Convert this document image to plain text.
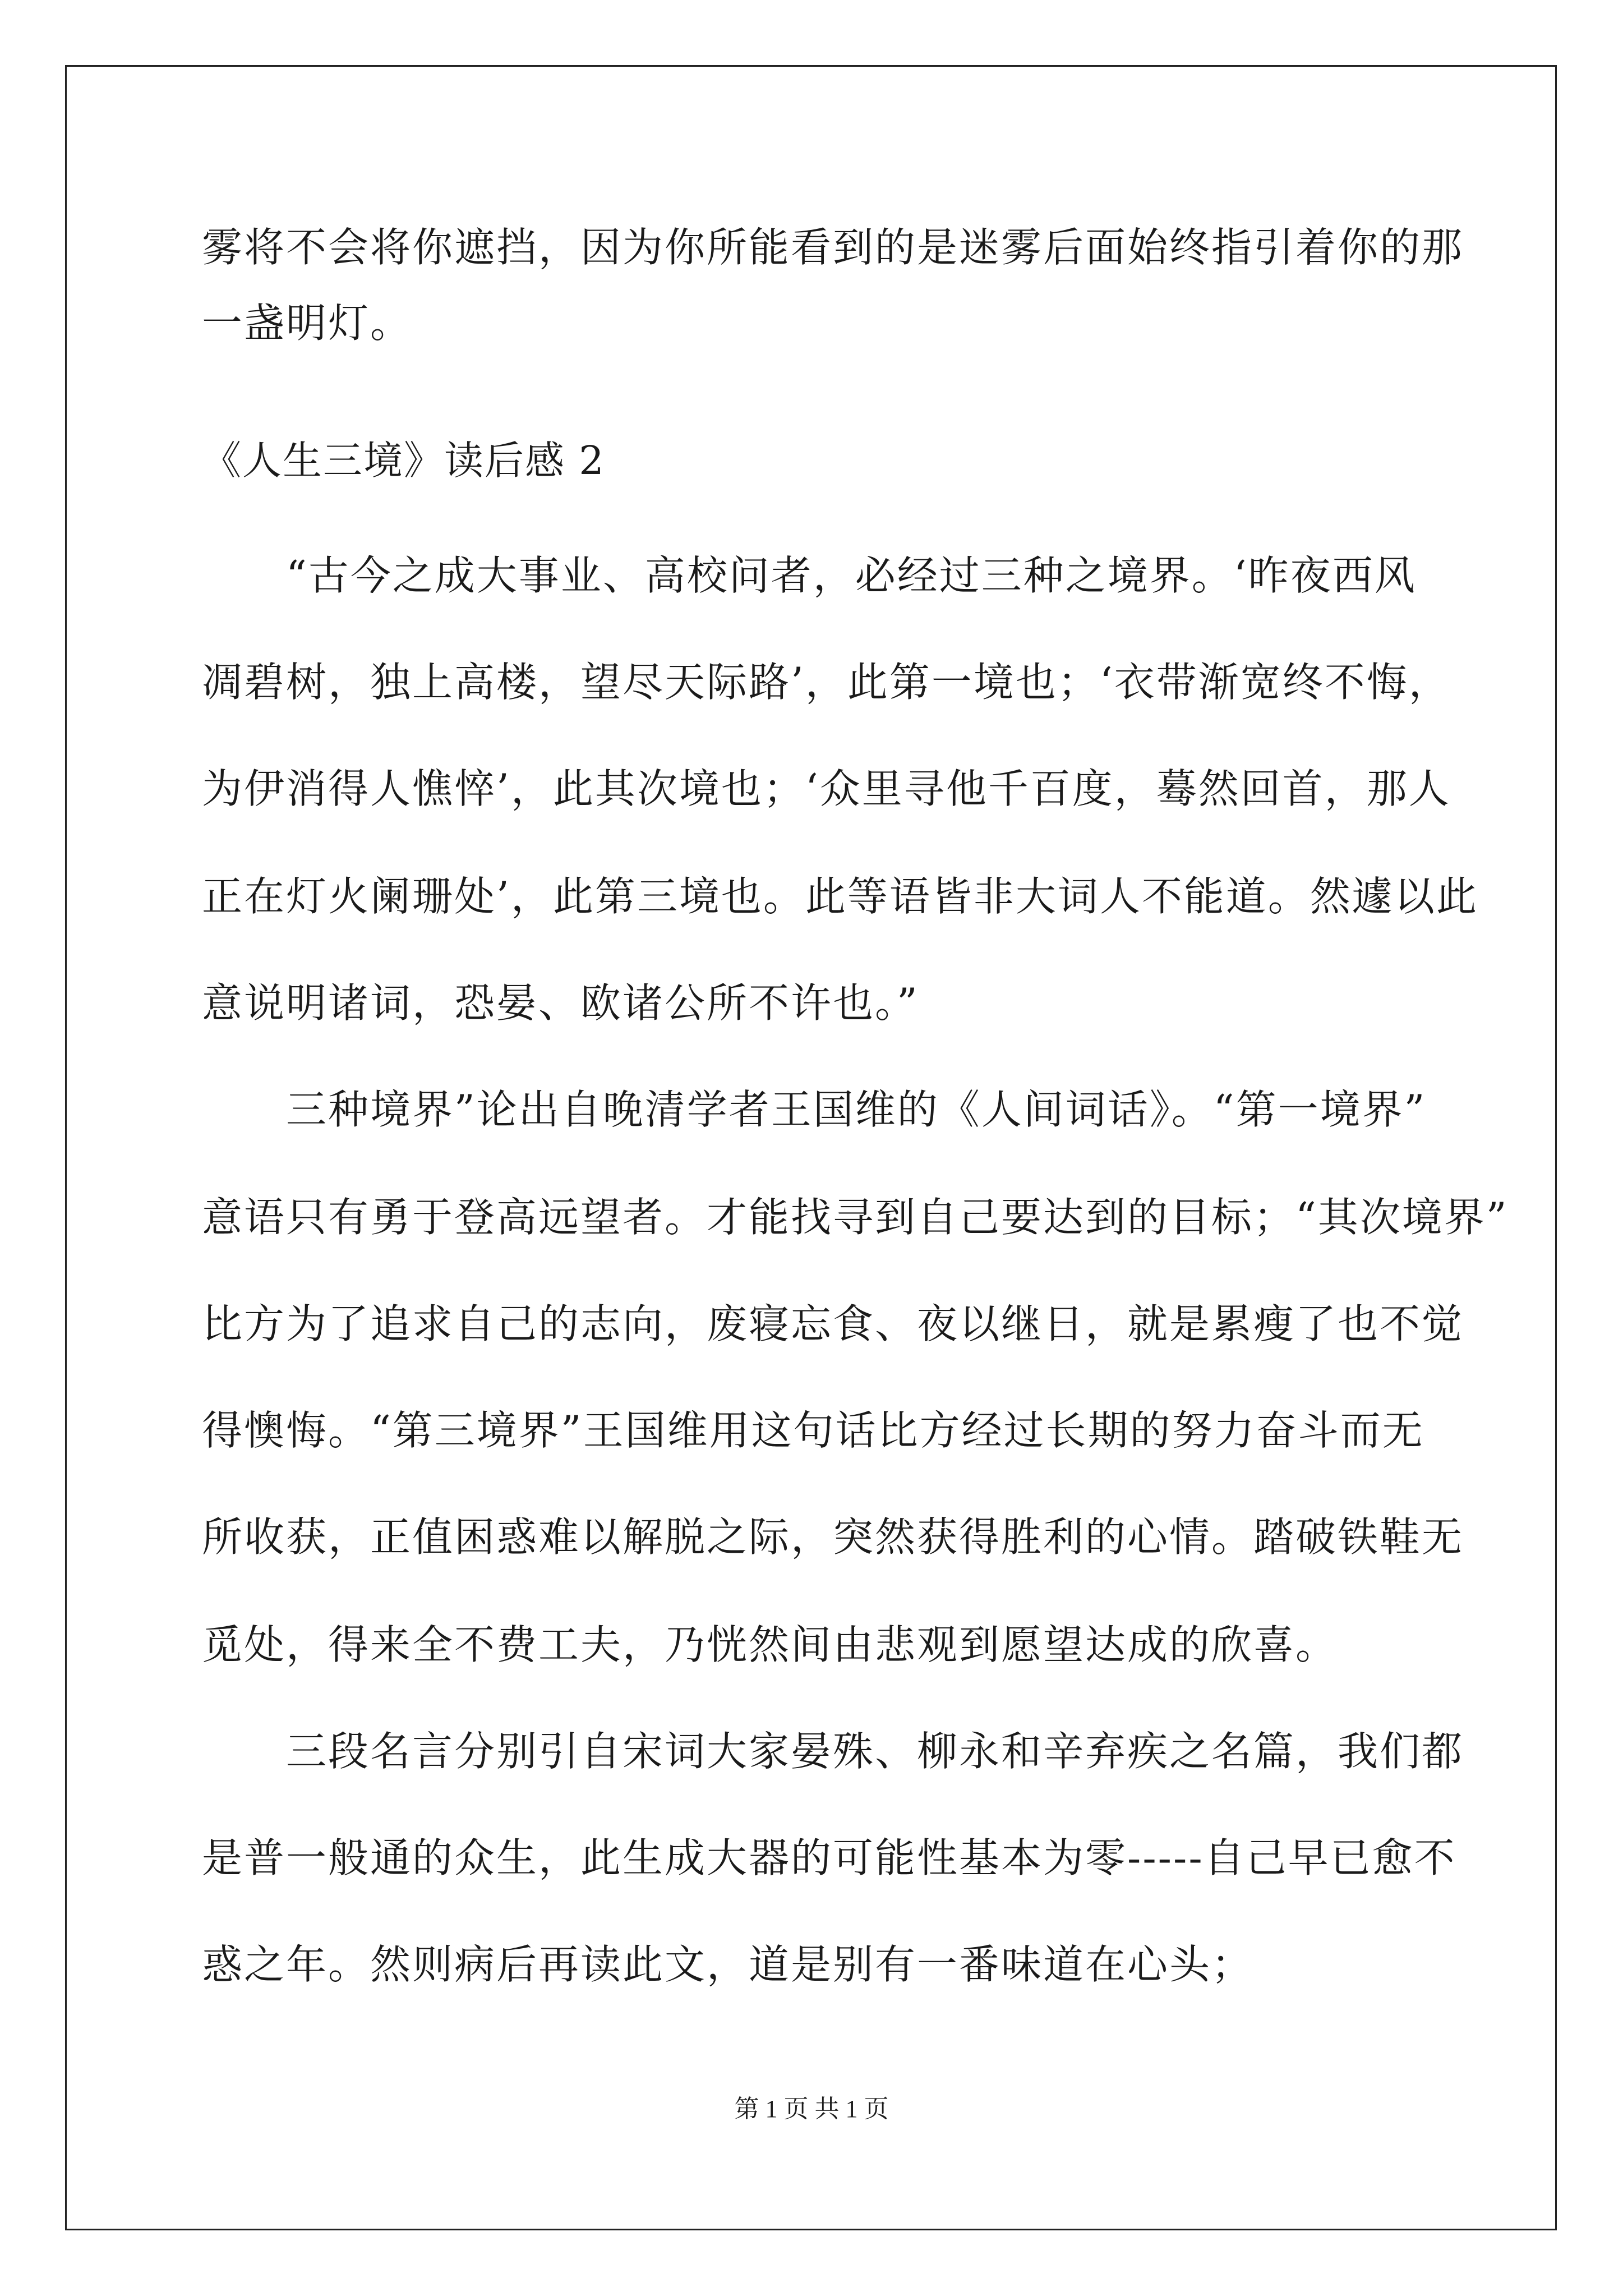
雾将不会将你遮挡，因为你所能看到的是迷雾后面始终指引着你的那
一盏明灯。
《人生三境》读后感 2
“古今之成大事业、高校问者，必经过三种之境界。‘昨夜西风
凋碧树，独上高楼，望尽天际路’，此第一境也；‘衣带渐宽终不悔，
为伊消得人憔悴’，此其次境也；‘众里寻他千百度，蓦然回首，那人
正在灯火阑珊处’，此第三境也。此等语皆非大词人不能道。然遽以此
意说明诸词，恐晏、欧诸公所不许也。”
三种境界”论出自晚清学者王国维的《人间词话》。“第一境界”
意语只有勇于登高远望者。才能找寻到自己要达到的目标；“其次境界”
比方为了追求自己的志向，废寝忘食、夜以继日，就是累瘦了也不觉
得懊悔。“第三境界”王国维用这句话比方经过长期的努力奋斗而无
所收获，正值困惑难以解脱之际，突然获得胜利的心情。踏破铁鞋无
觅处，得来全不费工夫，乃恍然间由悲观到愿望达成的欣喜。
三段名言分别引自宋词大家晏殊、柳永和辛弃疾之名篇，我们都
是普一般通的众生，此生成大器的可能性基本为零-----自己早已愈不
惑之年。然则病后再读此文，道是别有一番味道在心头；
第 1 页 共 1 页
